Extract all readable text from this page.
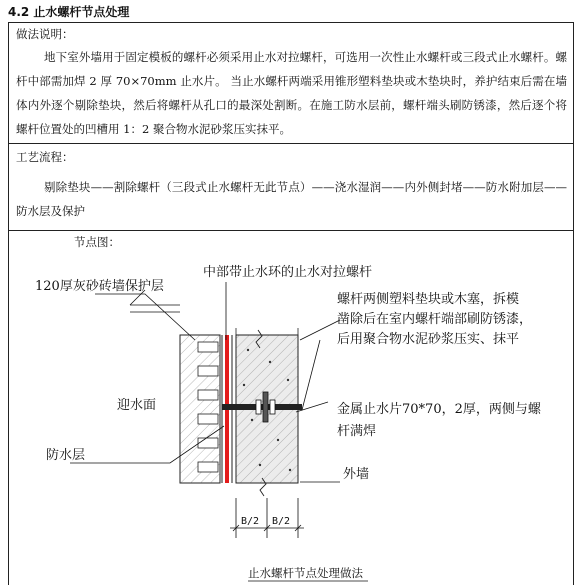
4.2 止水螺杆节点处理
做法说明：
地下室外墙用于固定模板的螺杆必须采用止水对拉螺杆，可选用一次性止水螺杆或三段式止水螺杆。螺杆中部需加焊 2 厚 70×70mm 止水片。 当止水螺杆两端采用锥形塑料垫块或木垫块时，养护结束后需在墙体内外逐个剔除垫块，然后将螺杆从孔口的最深处割断。在施工防水层前，螺杆端头刷防锈漆，然后逐个将螺杆位置处的凹槽用 1：2 聚合物水泥砂浆压实抹平。
工艺流程：
剔除垫块——割除螺杆（三段式止水螺杆无此节点）——浇水湿润——内外侧封堵——防水附加层——防水层及保护
节点图：
120厚灰砂砖墙保护层
中部带止水环的止水对拉螺杆
螺杆两侧塑料垫块或木塞，拆模
凿除后在室内螺杆端部刷防锈漆，
后用聚合物水泥砂浆压实、抹平
迎水面	金属止水片70*70，2厚，两侧与螺
杆满焊
防水层
外墙
B/2 B/2
止水螺杆节点处理做法
